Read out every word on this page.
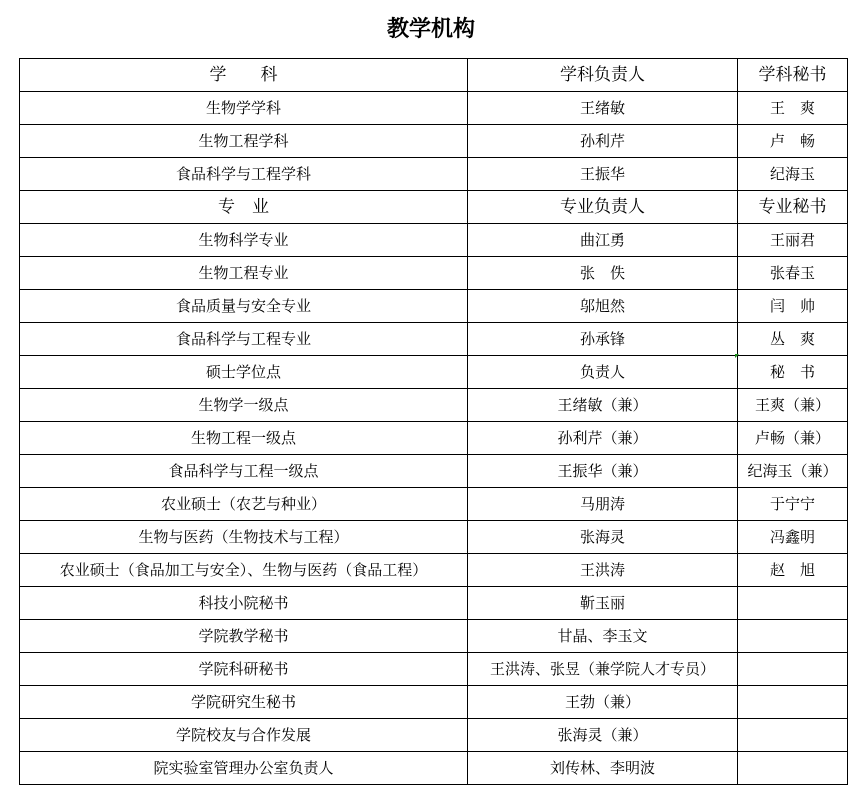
教学机构
学　　科	学科负责人	学科秘书
生物学学科	王绪敏	王　爽
生物工程学科	孙利芹	卢　畅
食品科学与工程学科	王振华	纪海玉
专　业	专业负责人	专业秘书
生物科学专业	曲江勇	王丽君
生物工程专业	张　佚	张春玉
食品质量与安全专业	邬旭然	闫　帅
食品科学与工程专业	孙承锋	丛　爽
硕士学位点	负责人	秘　书
生物学一级点	王绪敏（兼）	王爽（兼）
生物工程一级点	孙利芹（兼）	卢畅（兼）
食品科学与工程一级点	王振华（兼）	纪海玉（兼）
农业硕士（农艺与种业）	马朋涛	于宁宁
生物与医药（生物技术与工程）	张海灵	冯鑫明
农业硕士（食品加工与安全）、生物与医药（食品工程）	王洪涛	赵　旭
科技小院秘书	靳玉丽	
学院教学秘书	甘晶、李玉文	
学院科研秘书	王洪涛、张昱（兼学院人才专员）	
学院研究生秘书	王勃（兼）	
学院校友与合作发展	张海灵（兼）	
院实验室管理办公室负责人	刘传林、李明波	
